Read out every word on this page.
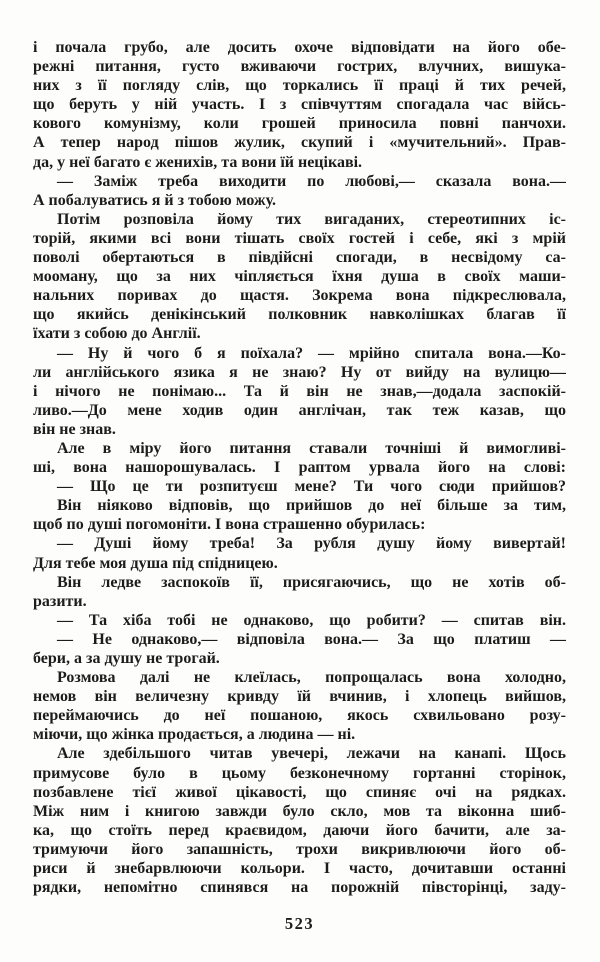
і почала грубо, але досить охоче відповідати на його обе-
режні питання, густо вживаючи гострих, влучних, вишука-
них з її погляду слів, що торкались її праці й тих речей,
що беруть у ній участь. І з співчуттям спогадала час війсь-
кового комунізму, коли грошей приносила повні панчохи.
А тепер народ пішов жулик, скупий і «мучительний». Прав-
да, у неї багато є женихів, та вони їй нецікаві.
— Заміж треба виходити по любові,— сказала вона.—
А побалуватись я й з тобою можу.
Потім розповіла йому тих вигаданих, стереотипних іс-
торій, якими всі вони тішать своїх гостей і себе, які з мрій
поволі обертаються в півдійсні спогади, в несвідому са-
мооману, що за них чіпляється їхня душа в своїх маши-
нальних поривах до щастя. Зокрема вона підкреслювала,
що якийсь денікінський полковник навколішках благав її
їхати з собою до Англії.
— Ну й чого б я поїхала? — мрійно спитала вона.—Ко-
ли англійського язика я не знаю? Ну от вийду на вулицю—
і нічого не понімаю... Та й він не знав,—додала заспокій-
ливо.—До мене ходив один англічан, так теж казав, що
він не знав.
Але в міру його питання ставали точніші й вимогливі-
ші, вона нашорошувалась. І раптом урвала його на слові:
— Що це ти розпитуєш мене? Ти чого сюди прийшов?
Він ніяково відповів, що прийшов до неї більше за тим,
щоб по душі погомоніти. І вона страшенно обурилась:
— Душі йому треба! За рубля душу йому вивертай!
Для тебе моя душа під спідницею.
Він ледве заспокоїв її, присягаючись, що не хотів об-
разити.
— Та хіба тобі не однаково, що робити? — спитав він.
— Не однаково,— відповіла вона.— За що платиш —
бери, а за душу не трогай.
Розмова далі не клеїлась, попрощалась вона холодно,
немов він величезну кривду їй вчинив, і хлопець вийшов,
переймаючись до неї пошаною, якось схвильовано розу-
міючи, що жінка продається, а людина — ні.
Але здебільшого читав увечері, лежачи на канапі. Щось
примусове було в цьому безконечному гортанні сторінок,
позбавлене тієї живої цікавості, що спиняє очі на рядках.
Між ним і книгою завжди було скло, мов та віконна шиб-
ка, що стоїть перед краєвидом, даючи його бачити, але за-
тримуючи його запашність, трохи викривлюючи його об-
риси й знебарвлюючи кольори. І часто, дочитавши останні
рядки, непомітно спинявся на порожній півсторінці, заду-
523
